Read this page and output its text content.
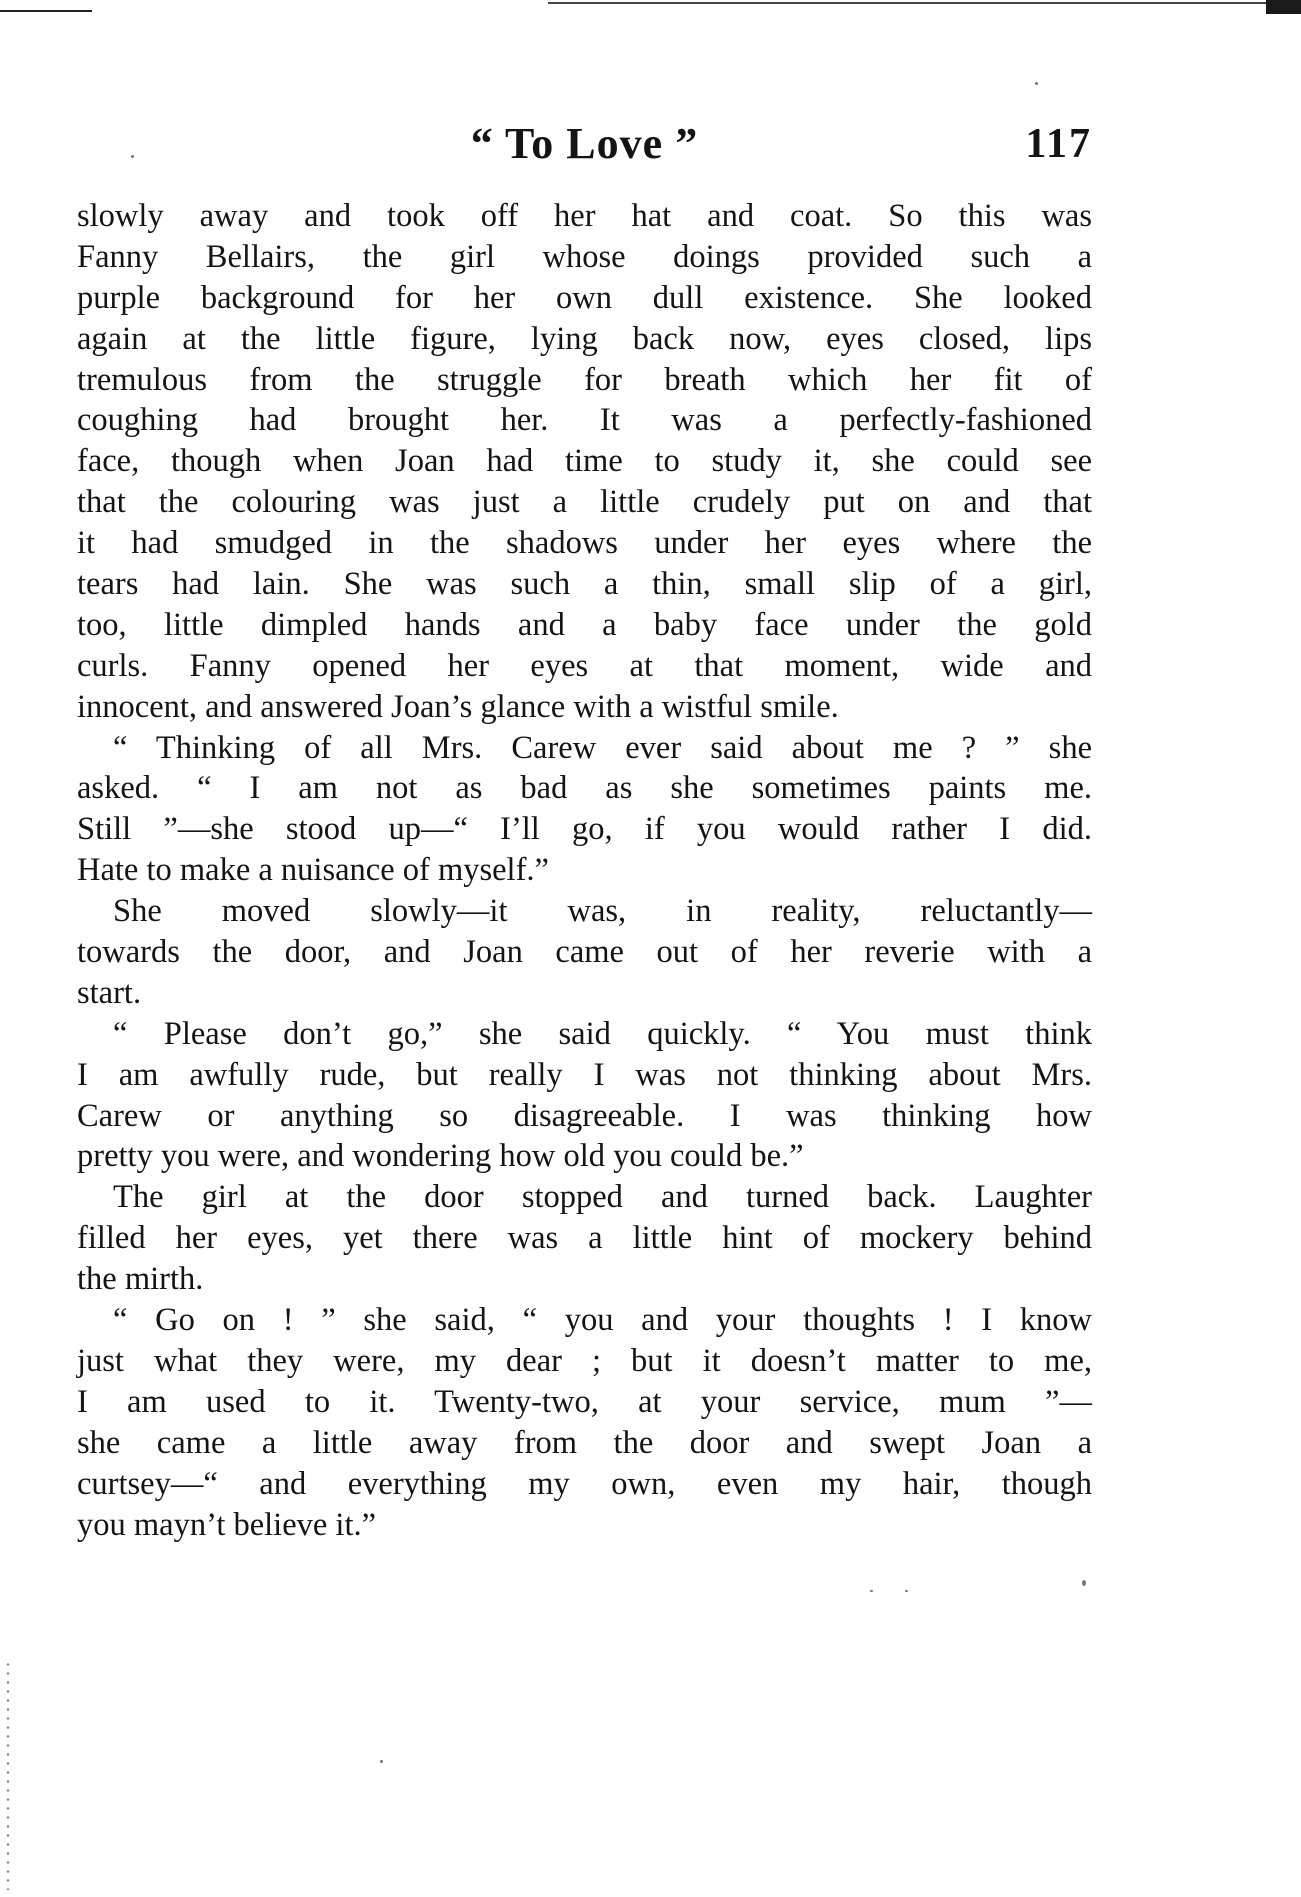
“ To Love ”	117
slowly away and took off her hat and coat. So this was
Fanny Bellairs, the girl whose doings provided such a
purple background for her own dull existence. She looked
again at the little figure, lying back now, eyes closed, lips
tremulous from the struggle for breath which her fit of
coughing had brought her. It was a perfectly-fashioned
face, though when Joan had time to study it, she could see
that the colouring was just a little crudely put on and that
it had smudged in the shadows under her eyes where the
tears had lain. She was such a thin, small slip of a girl,
too, little dimpled hands and a baby face under the gold
curls. Fanny opened her eyes at that moment, wide and
innocent, and answered Joan’s glance with a wistful smile.
“ Thinking of all Mrs. Carew ever said about me ? ” she
asked. “ I am not as bad as she sometimes paints me.
Still ”—she stood up—“ I’ll go, if you would rather I did.
Hate to make a nuisance of myself.”
She moved slowly—it was, in reality, reluctantly—
towards the door, and Joan came out of her reverie with a
start.
“ Please don’t go,” she said quickly. “ You must think
I am awfully rude, but really I was not thinking about Mrs.
Carew or anything so disagreeable. I was thinking how
pretty you were, and wondering how old you could be.”
The girl at the door stopped and turned back. Laughter
filled her eyes, yet there was a little hint of mockery behind
the mirth.
“ Go on ! ” she said, “ you and your thoughts ! I know
just what they were, my dear ; but it doesn’t matter to me,
I am used to it. Twenty-two, at your service, mum ”—
she came a little away from the door and swept Joan a
curtsey—“ and everything my own, even my hair, though
you mayn’t believe it.”
